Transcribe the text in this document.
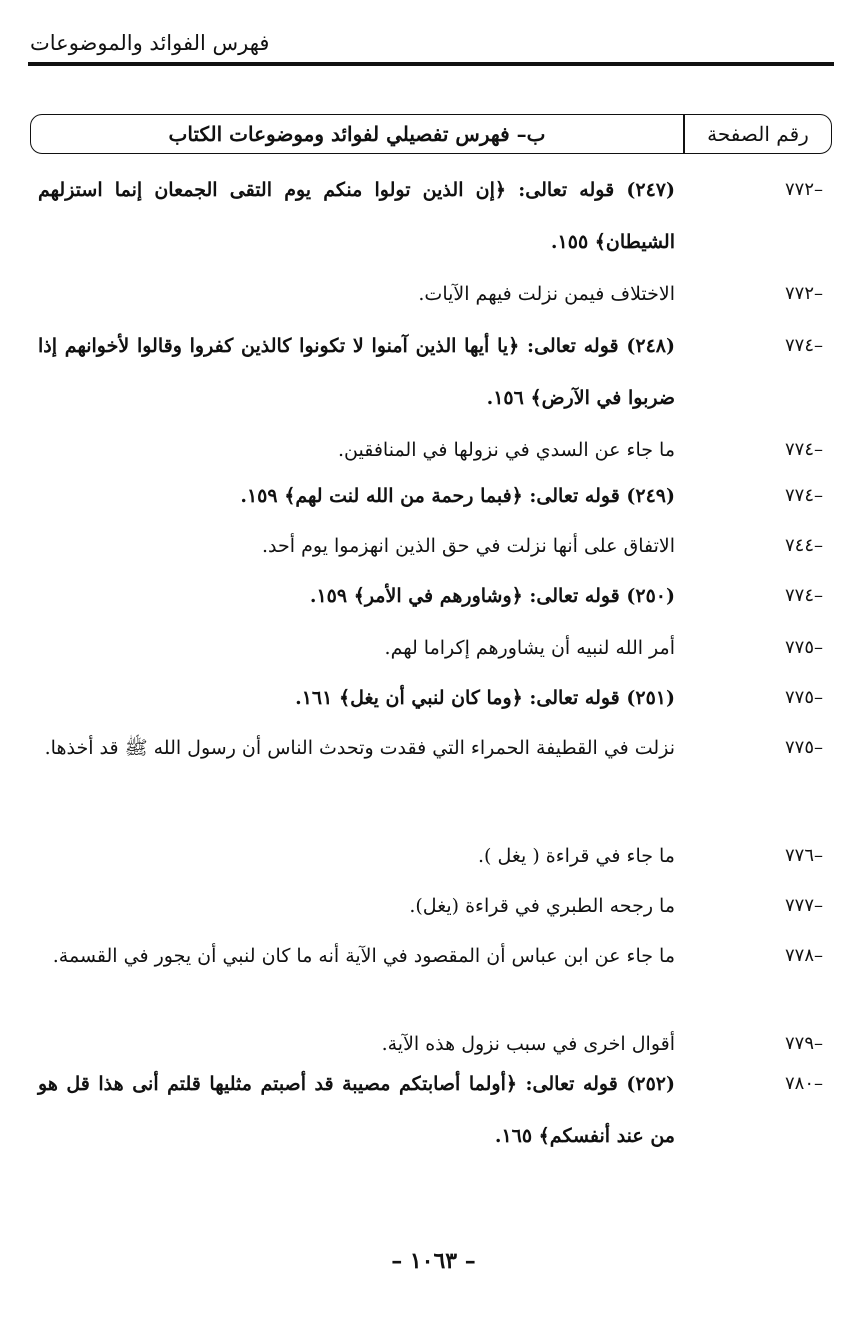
فهرس الفوائد والموضوعات
رقم الصفحة
ب– فهرس تفصيلي لفوائد وموضوعات الكتاب
–٧٧٢
(٢٤٧) قوله تعالى: ﴿إن الذين تولوا منكم يوم التقى الجمعان إنما استزلهم الشيطان﴾ ١٥٥.
–٧٧٢
الاختلاف فيمن نزلت فيهم الآيات.
–٧٧٤
(٢٤٨) قوله تعالى: ﴿يا أيها الذين آمنوا لا تكونوا كالذين كفروا وقالوا لأخوانهم إذا ضربوا في الآرض﴾ ١٥٦.
–٧٧٤
ما جاء عن السدي في نزولها في المنافقين.
–٧٧٤
(٢٤٩) قوله تعالى: ﴿فبما رحمة من الله لنت لهم﴾ ١٥٩.
–٧٤٤
الاتفاق على أنها نزلت في حق الذين انهزموا يوم أحد.
–٧٧٤
(٢٥٠) قوله تعالى: ﴿وشاورهم في الأمر﴾ ١٥٩.
–٧٧٥
أمر الله لنبيه أن يشاورهم إكراما لهم.
–٧٧٥
(٢٥١) قوله تعالى: ﴿وما كان لنبي أن يغل﴾ ١٦١.
–٧٧٥
نزلت في القطيفة الحمراء التي فقدت وتحدث الناس أن رسول الله ﷺ قد أخذها.
–٧٧٦
ما جاء في قراءة ( يغل ).
–٧٧٧
ما رجحه الطبري في قراءة (يغل).
–٧٧٨
ما جاء عن ابن عباس أن المقصود في الآية أنه ما كان لنبي أن يجور في القسمة.
–٧٧٩
أقوال اخرى في سبب نزول هذه الآية.
–٧٨٠
(٢٥٢) قوله تعالى: ﴿أولما أصابتكم مصيبة قد أصبتم مثليها قلتم أنى هذا قل هو من عند أنفسكم﴾ ١٦٥.
– ١٠٦٣ –
